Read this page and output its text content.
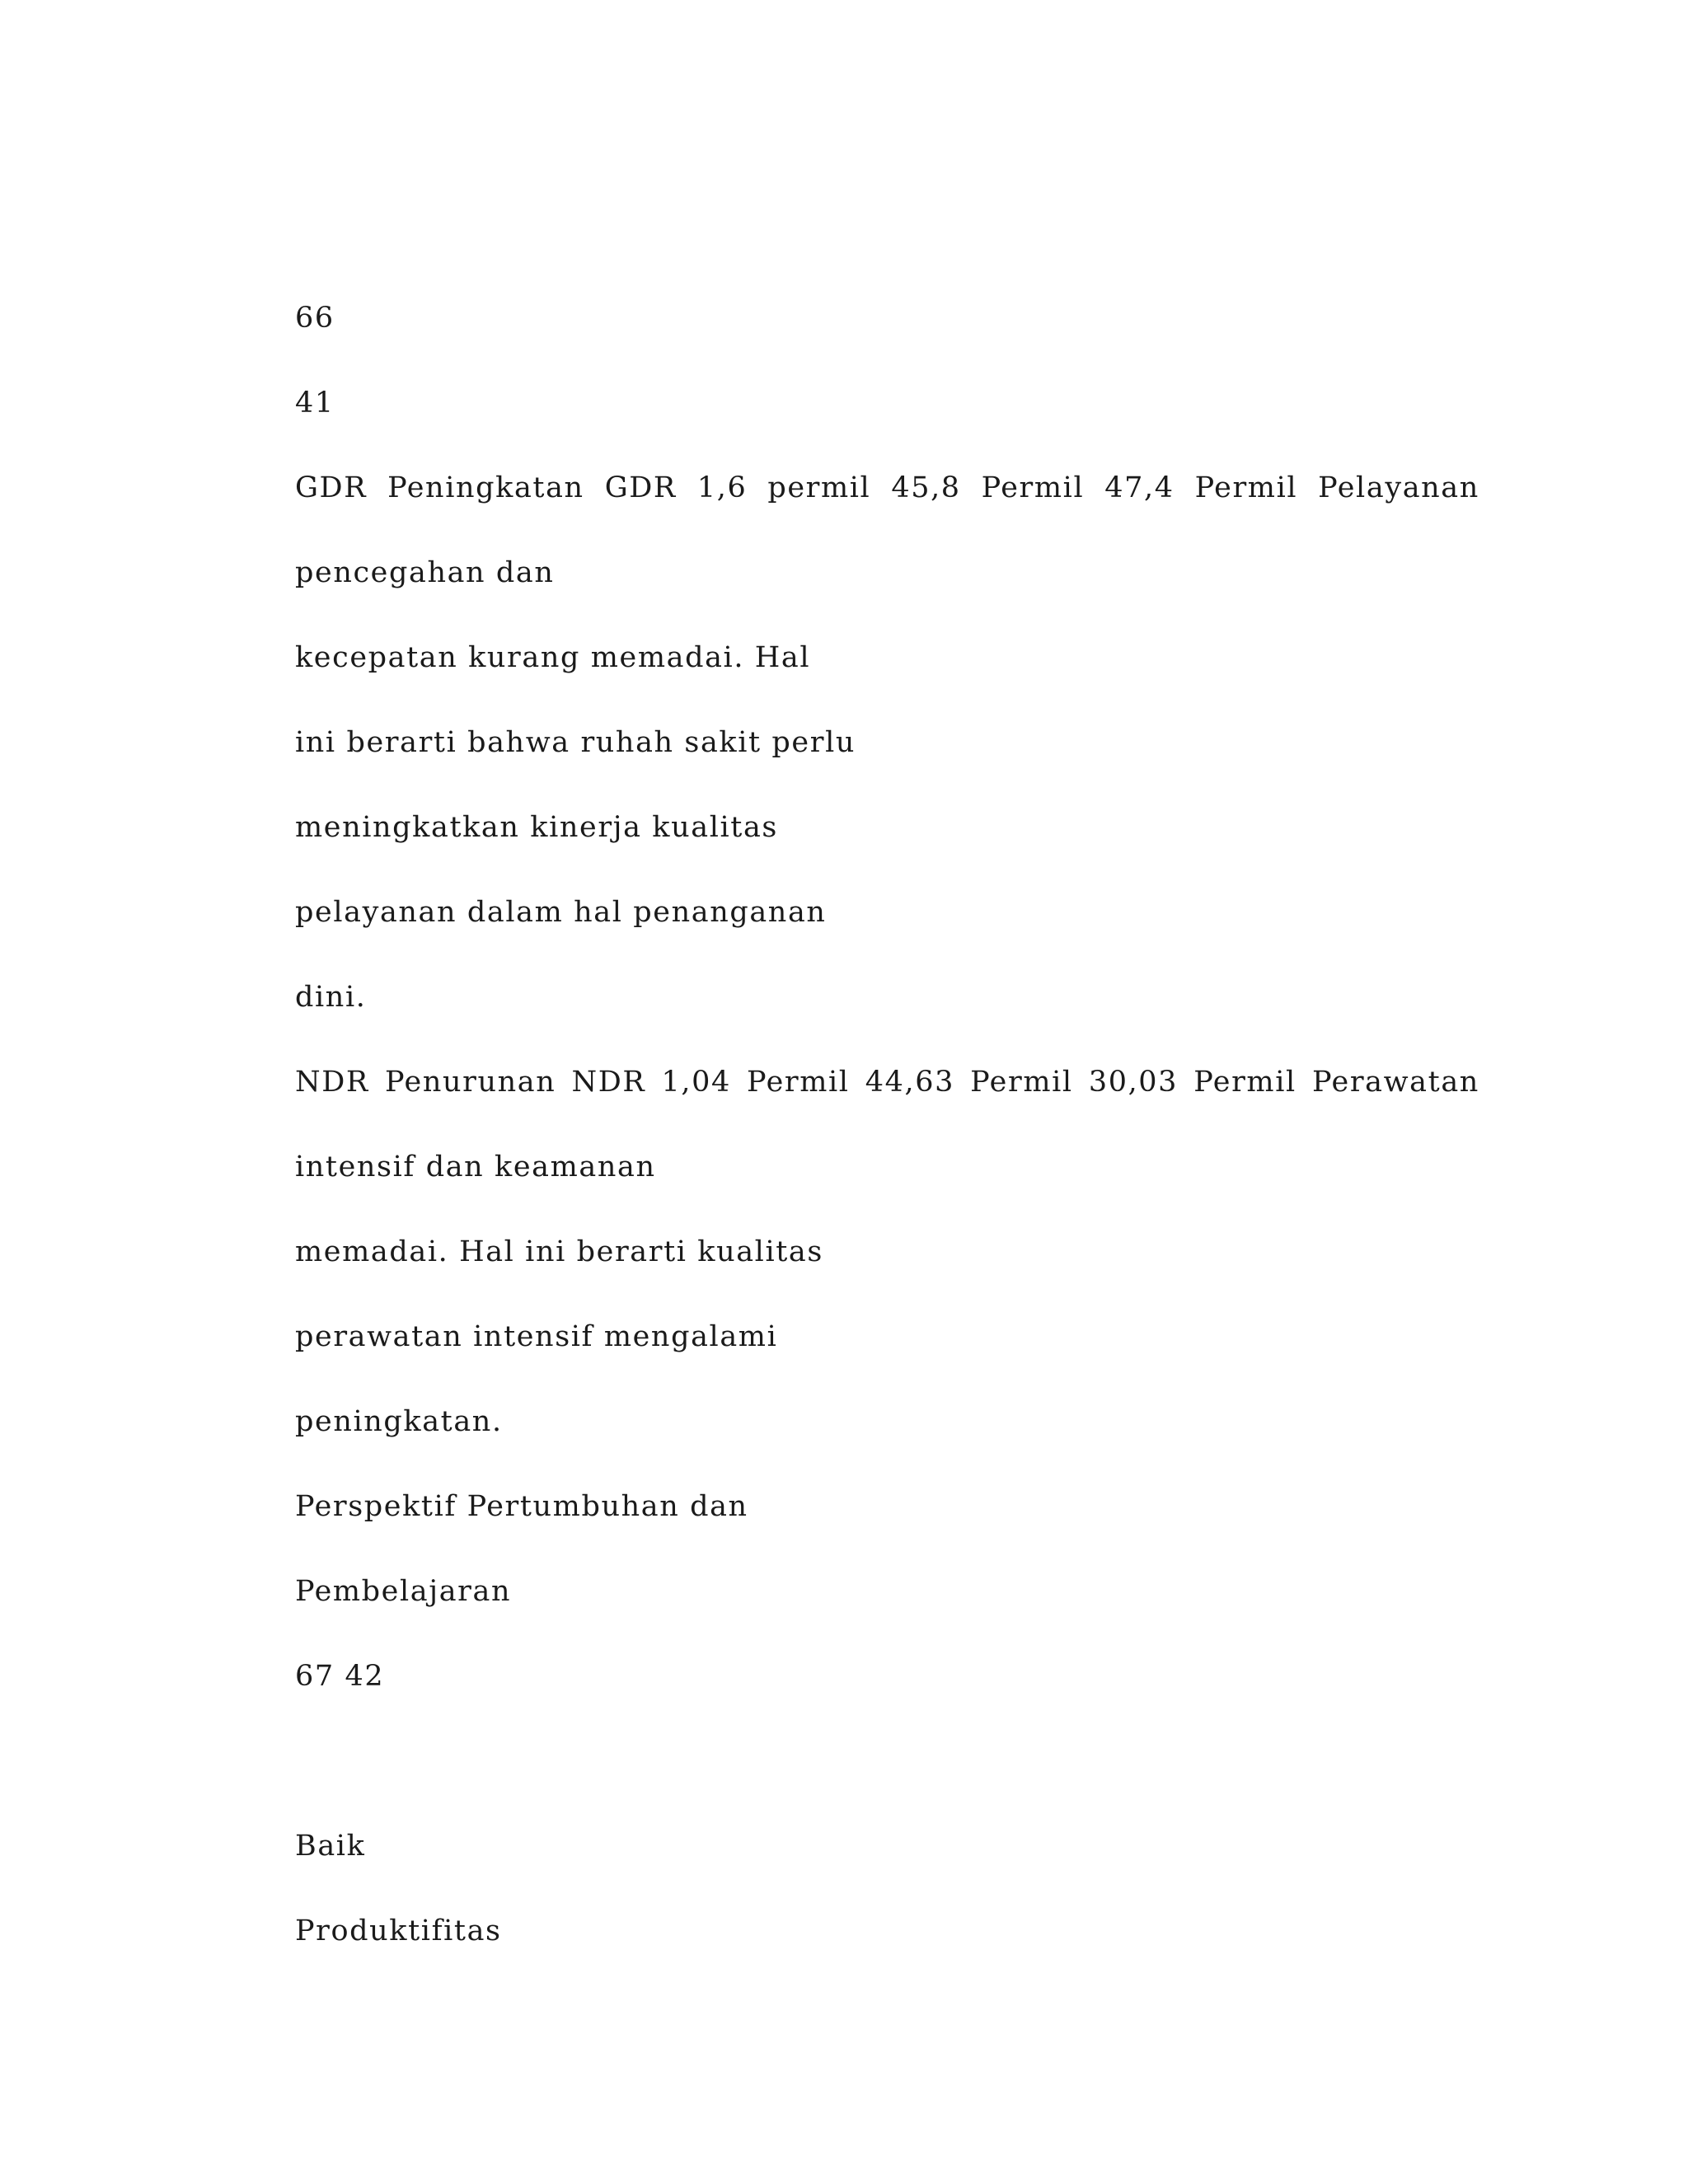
66

41

GDR Peningkatan GDR 1,6 permil 45,8 Permil 47,4 Permil Pelayanan

pencegahan dan

kecepatan kurang memadai. Hal

ini berarti bahwa ruhah sakit perlu

meningkatkan kinerja kualitas

pelayanan dalam hal penanganan

dini.

NDR Penurunan NDR 1,04 Permil 44,63 Permil 30,03 Permil Perawatan

intensif dan keamanan

memadai. Hal ini berarti kualitas

perawatan intensif mengalami

peningkatan.

Perspektif Pertumbuhan dan

Pembelajaran

67 42

Baik

Produktifitas
